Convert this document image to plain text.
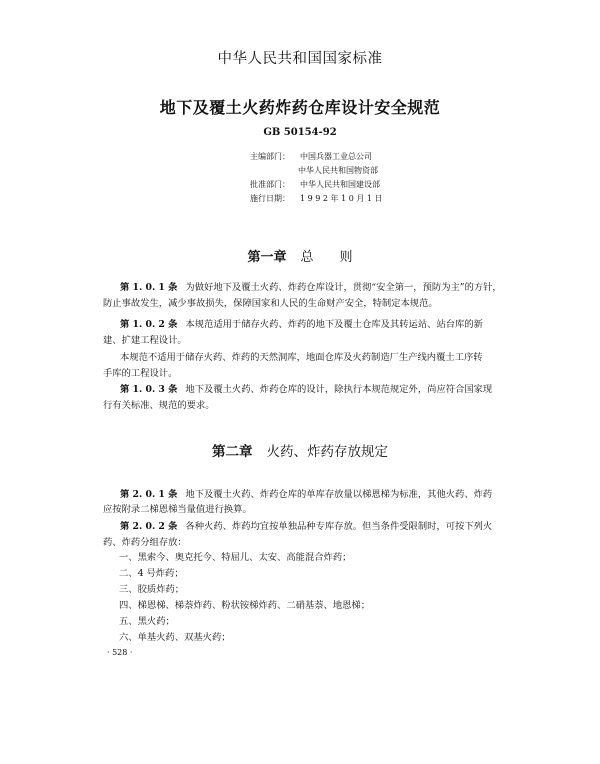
中华人民共和国国家标准
地下及覆土火药炸药仓库设计安全规范
GB 50154-92
主编部门： 中国兵器工业总公司
中华人民共和国物资部
批准部门： 中华人民共和国建设部
施行日期： 1 9 9 2 年 1 0 月 1 日
第一章 总 则
第 1. 0. 1 条 为做好地下及覆土火药、炸药仓库设计，贯彻“安全第一，预防为主”的方针，
防止事故发生，减少事故损失，保障国家和人民的生命财产安全，特制定本规范。
第 1. 0. 2 条 本规范适用于储存火药、炸药的地下及覆土仓库及其转运站、站台库的新
建、扩建工程设计。
本规范不适用于储存火药、炸药的天然洞库，地面仓库及火药制造厂生产线内覆土工序转
手库的工程设计。
第 1. 0. 3 条 地下及覆土火药、炸药仓库的设计，除执行本规范规定外，尚应符合国家现
行有关标准、规范的要求。
第二章 火药、炸药存放规定
第 2. 0. 1 条 地下及覆土火药、炸药仓库的单库存放量以梯恩梯为标准，其他火药、炸药
应按附录二梯恩梯当量值进行换算。
第 2. 0. 2 条 各种火药、炸药均宜按单独品种专库存放。但当条件受限制时，可按下列火
药、炸药分组存放：
一、黑索今、奥克托今、特屈儿、太安、高能混合炸药；
二、4 号炸药；
三、胶质炸药；
四、梯恩梯、梯萘炸药、粉状铵梯炸药、二硝基萘、地恩梯；
五、黑火药；
六、单基火药、双基火药；
· 528 ·
